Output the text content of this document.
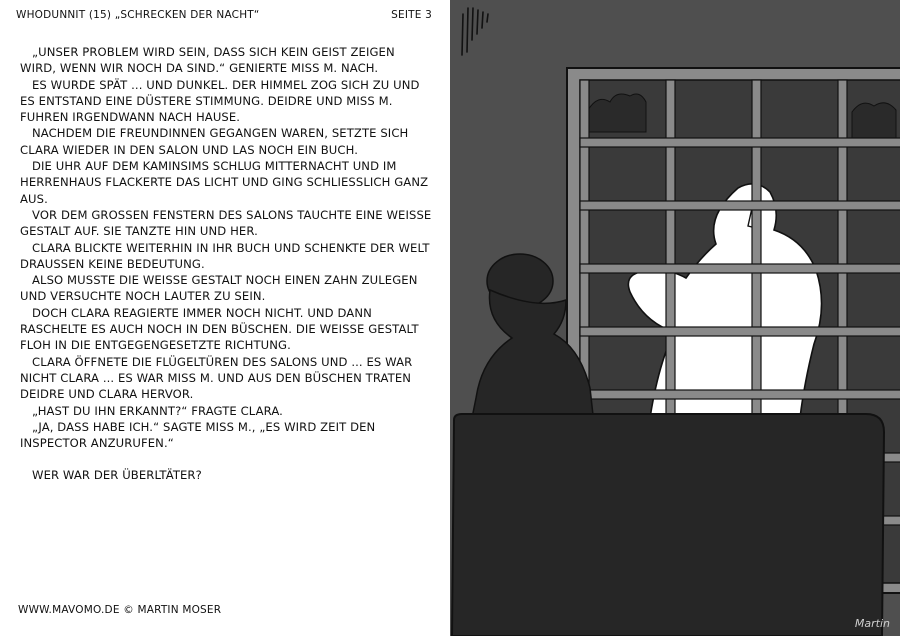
WHODUNNIT (15) „SCHRECKEN DER NACHT“	SEITE 3

„UNSER PROBLEM WIRD SEIN, DASS SICH KEIN GEIST ZEIGEN WIRD, WENN WIR NOCH DA SIND.“ GENIERTE MISS M. NACH.

ES WURDE SPÄT ... UND DUNKEL. DER HIMMEL ZOG SICH ZU UND ES ENTSTAND EINE DÜSTERE STIMMUNG. DEIDRE UND MISS M. FUHREN IRGENDWANN NACH HAUSE.

NACHDEM DIE FREUNDINNEN GEGANGEN WAREN, SETZTE SICH CLARA WIEDER IN DEN SALON UND LAS NOCH EIN BUCH.

DIE UHR AUF DEM KAMINSIMS SCHLUG MITTERNACHT UND IM HERRENHAUS FLACKERTE DAS LICHT UND GING SCHLIESSLICH GANZ AUS.

VOR DEM GROSSEN FENSTERN DES SALONS TAUCHTE EINE WEISSE GESTALT AUF. SIE TANZTE HIN UND HER.

CLARA BLICKTE WEITERHIN IN IHR BUCH UND SCHENKTE DER WELT DRAUSSEN KEINE BEDEUTUNG.

ALSO MUSSTE DIE WEISSE GESTALT NOCH EINEN ZAHN ZULEGEN UND VERSUCHTE NOCH LAUTER ZU SEIN.

DOCH CLARA REAGIERTE IMMER NOCH NICHT. UND DANN RASCHELTE ES AUCH NOCH IN DEN BÜSCHEN. DIE WEISSE GESTALT FLOH IN DIE ENTGEGENGESETZTE RICHTUNG.

CLARA ÖFFNETE DIE FLÜGELTÜREN DES SALONS UND ... ES WAR NICHT CLARA ... ES WAR MISS M. UND AUS DEN BÜSCHEN TRATEN DEIDRE UND CLARA HERVOR.

„HAST DU IHN ERKANNT?“ FRAGTE CLARA.

„JA, DASS HABE ICH.“ SAGTE MISS M., „ES WIRD ZEIT DEN INSPECTOR ANZURUFEN.“

WER WAR DER ÜBERLTÄTER?

WWW.MAVOMO.DE © MARTIN MOSER
Martin
